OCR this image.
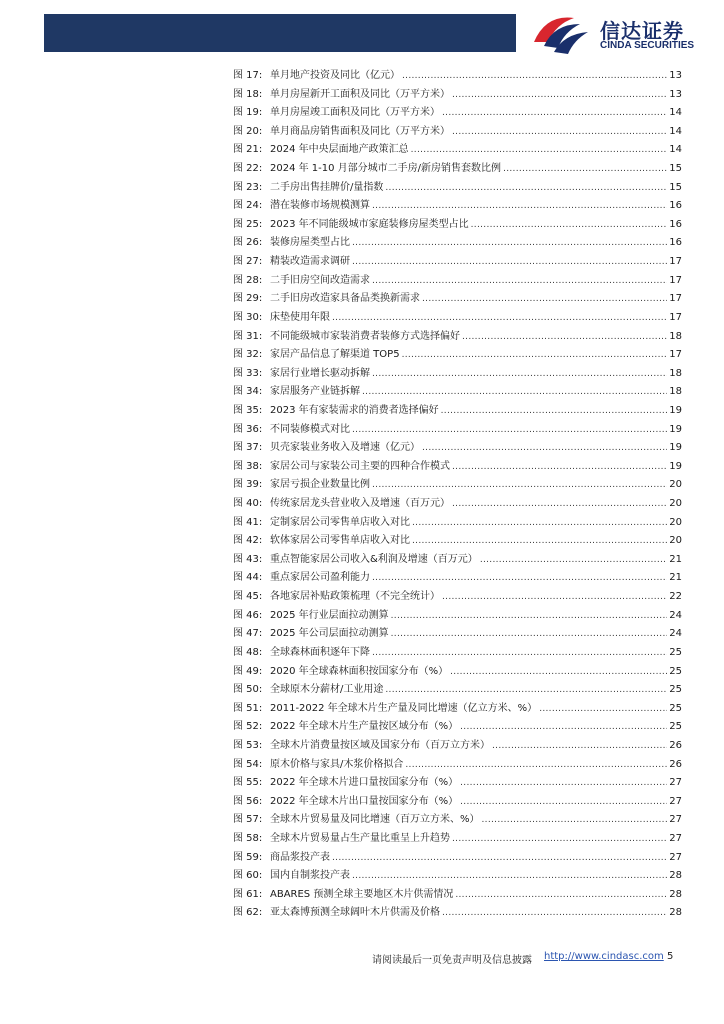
信达证券
CINDA SECURITIES
图 17: 单月地产投资及同比（亿元） .....	13
图 18: 单月房屋新开工面积及同比（万平方米） .....	13
图 19: 单月房屋竣工面积及同比（万平方米） .....	14
图 20: 单月商品房销售面积及同比（万平方米） .....	14
图 21: 2024 年中央层面地产政策汇总 .....	14
图 22: 2024 年 1-10 月部分城市二手房/新房销售套数比例 .....	15
图 23: 二手房出售挂牌价/量指数 .....	15
图 24: 潜在装修市场规模测算 .....	16
图 25: 2023 年不同能级城市家庭装修房屋类型占比 .....	16
图 26: 装修房屋类型占比 .....	16
图 27: 精装改造需求调研 .....	17
图 28: 二手旧房空间改造需求 .....	17
图 29: 二手旧房改造家具备品类换新需求 .....	17
图 30: 床垫使用年限 .....	17
图 31: 不同能级城市家装消费者装修方式选择偏好 .....	18
图 32: 家居产品信息了解渠道 TOP5 .....	17
图 33: 家居行业增长驱动拆解 .....	18
图 34: 家居服务产业链拆解 .....	18
图 35: 2023 年有家装需求的消费者选择偏好 .....	19
图 36: 不同装修模式对比 .....	19
图 37: 贝壳家装业务收入及增速（亿元） .....	19
图 38: 家居公司与家装公司主要的四种合作模式 .....	19
图 39: 家居亏损企业数量比例 .....	20
图 40: 传统家居龙头营业收入及增速（百万元） .....	20
图 41: 定制家居公司零售单店收入对比 .....	20
图 42: 软体家居公司零售单店收入对比 .....	20
图 43: 重点智能家居公司收入&利润及增速（百万元） .....	21
图 44: 重点家居公司盈利能力 .....	21
图 45: 各地家居补贴政策梳理（不完全统计） .....	22
图 46: 2025 年行业层面拉动测算 .....	24
图 47: 2025 年公司层面拉动测算 .....	24
图 48: 全球森林面积逐年下降 .....	25
图 49: 2020 年全球森林面积按国家分布（%） .....	25
图 50: 全球原木分薪材/工业用途 .....	25
图 51: 2011-2022 年全球木片生产量及同比增速（亿立方米、%） .....	25
图 52: 2022 年全球木片生产量按区域分布（%） .....	25
图 53: 全球木片消费量按区域及国家分布（百万立方米） .....	26
图 54: 原木价格与家具/木浆价格拟合 .....	26
图 55: 2022 年全球木片进口量按国家分布（%） .....	27
图 56: 2022 年全球木片出口量按国家分布（%） .....	27
图 57: 全球木片贸易量及同比增速（百万立方米、%） .....	27
图 58: 全球木片贸易量占生产量比重呈上升趋势 .....	27
图 59: 商品浆投产表 .....	27
图 60: 国内自制浆投产表 .....	28
图 61: ABARES 预测全球主要地区木片供需情况 .....	28
图 62: 亚太森博预测全球阔叶木片供需及价格 .....	28
请阅读最后一页免责声明及信息披露 http://www.cindasc.com 5
